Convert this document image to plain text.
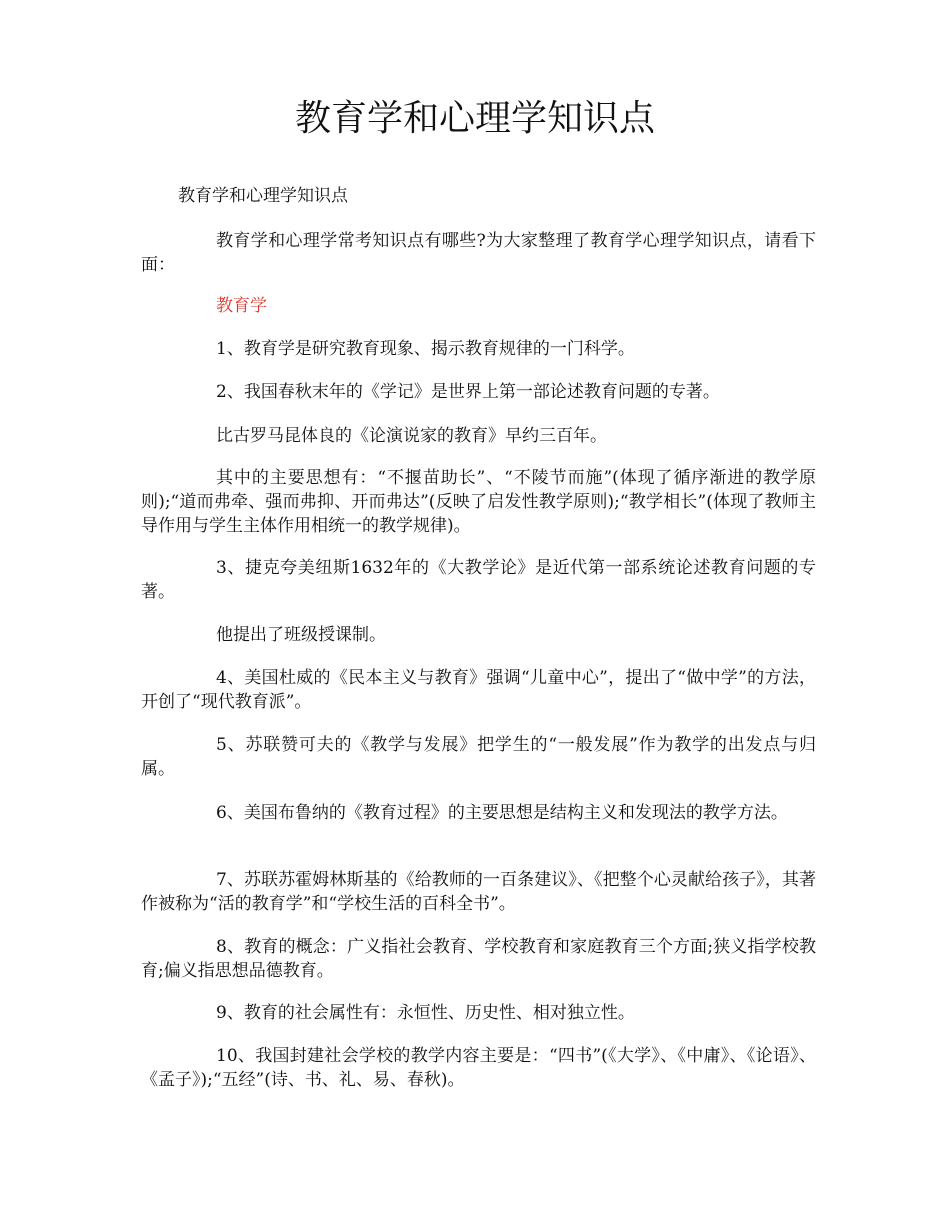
教育学和心理学知识点

教育学和心理学知识点

教育学和心理学常考知识点有哪些?为大家整理了教育学心理学知识点，请看下面：

教育学

1、教育学是研究教育现象、揭示教育规律的一门科学。

2、我国春秋末年的《学记》是世界上第一部论述教育问题的专著。

比古罗马昆体良的《论演说家的教育》早约三百年。

其中的主要思想有：“不揠苗助长”、“不陵节而施”(体现了循序渐进的教学原则);“道而弗牵、强而弗抑、开而弗达”(反映了启发性教学原则);“教学相长”(体现了教师主导作用与学生主体作用相统一的教学规律)。

3、捷克夸美纽斯1632年的《大教学论》是近代第一部系统论述教育问题的专著。

他提出了班级授课制。

4、美国杜威的《民本主义与教育》强调“儿童中心”，提出了“做中学”的方法，开创了“现代教育派”。

5、苏联赞可夫的《教学与发展》把学生的“一般发展”作为教学的出发点与归属。

6、美国布鲁纳的《教育过程》的主要思想是结构主义和发现法的教学方法。

7、苏联苏霍姆林斯基的《给教师的一百条建议》、《把整个心灵献给孩子》，其著作被称为“活的教育学”和“学校生活的百科全书”。

8、教育的概念：广义指社会教育、学校教育和家庭教育三个方面;狭义指学校教育;偏义指思想品德教育。

9、教育的社会属性有：永恒性、历史性、相对独立性。

10、我国封建社会学校的教学内容主要是：“四书”(《大学》、《中庸》、《论语》、《孟子》);“五经”(诗、书、礼、易、春秋)。
